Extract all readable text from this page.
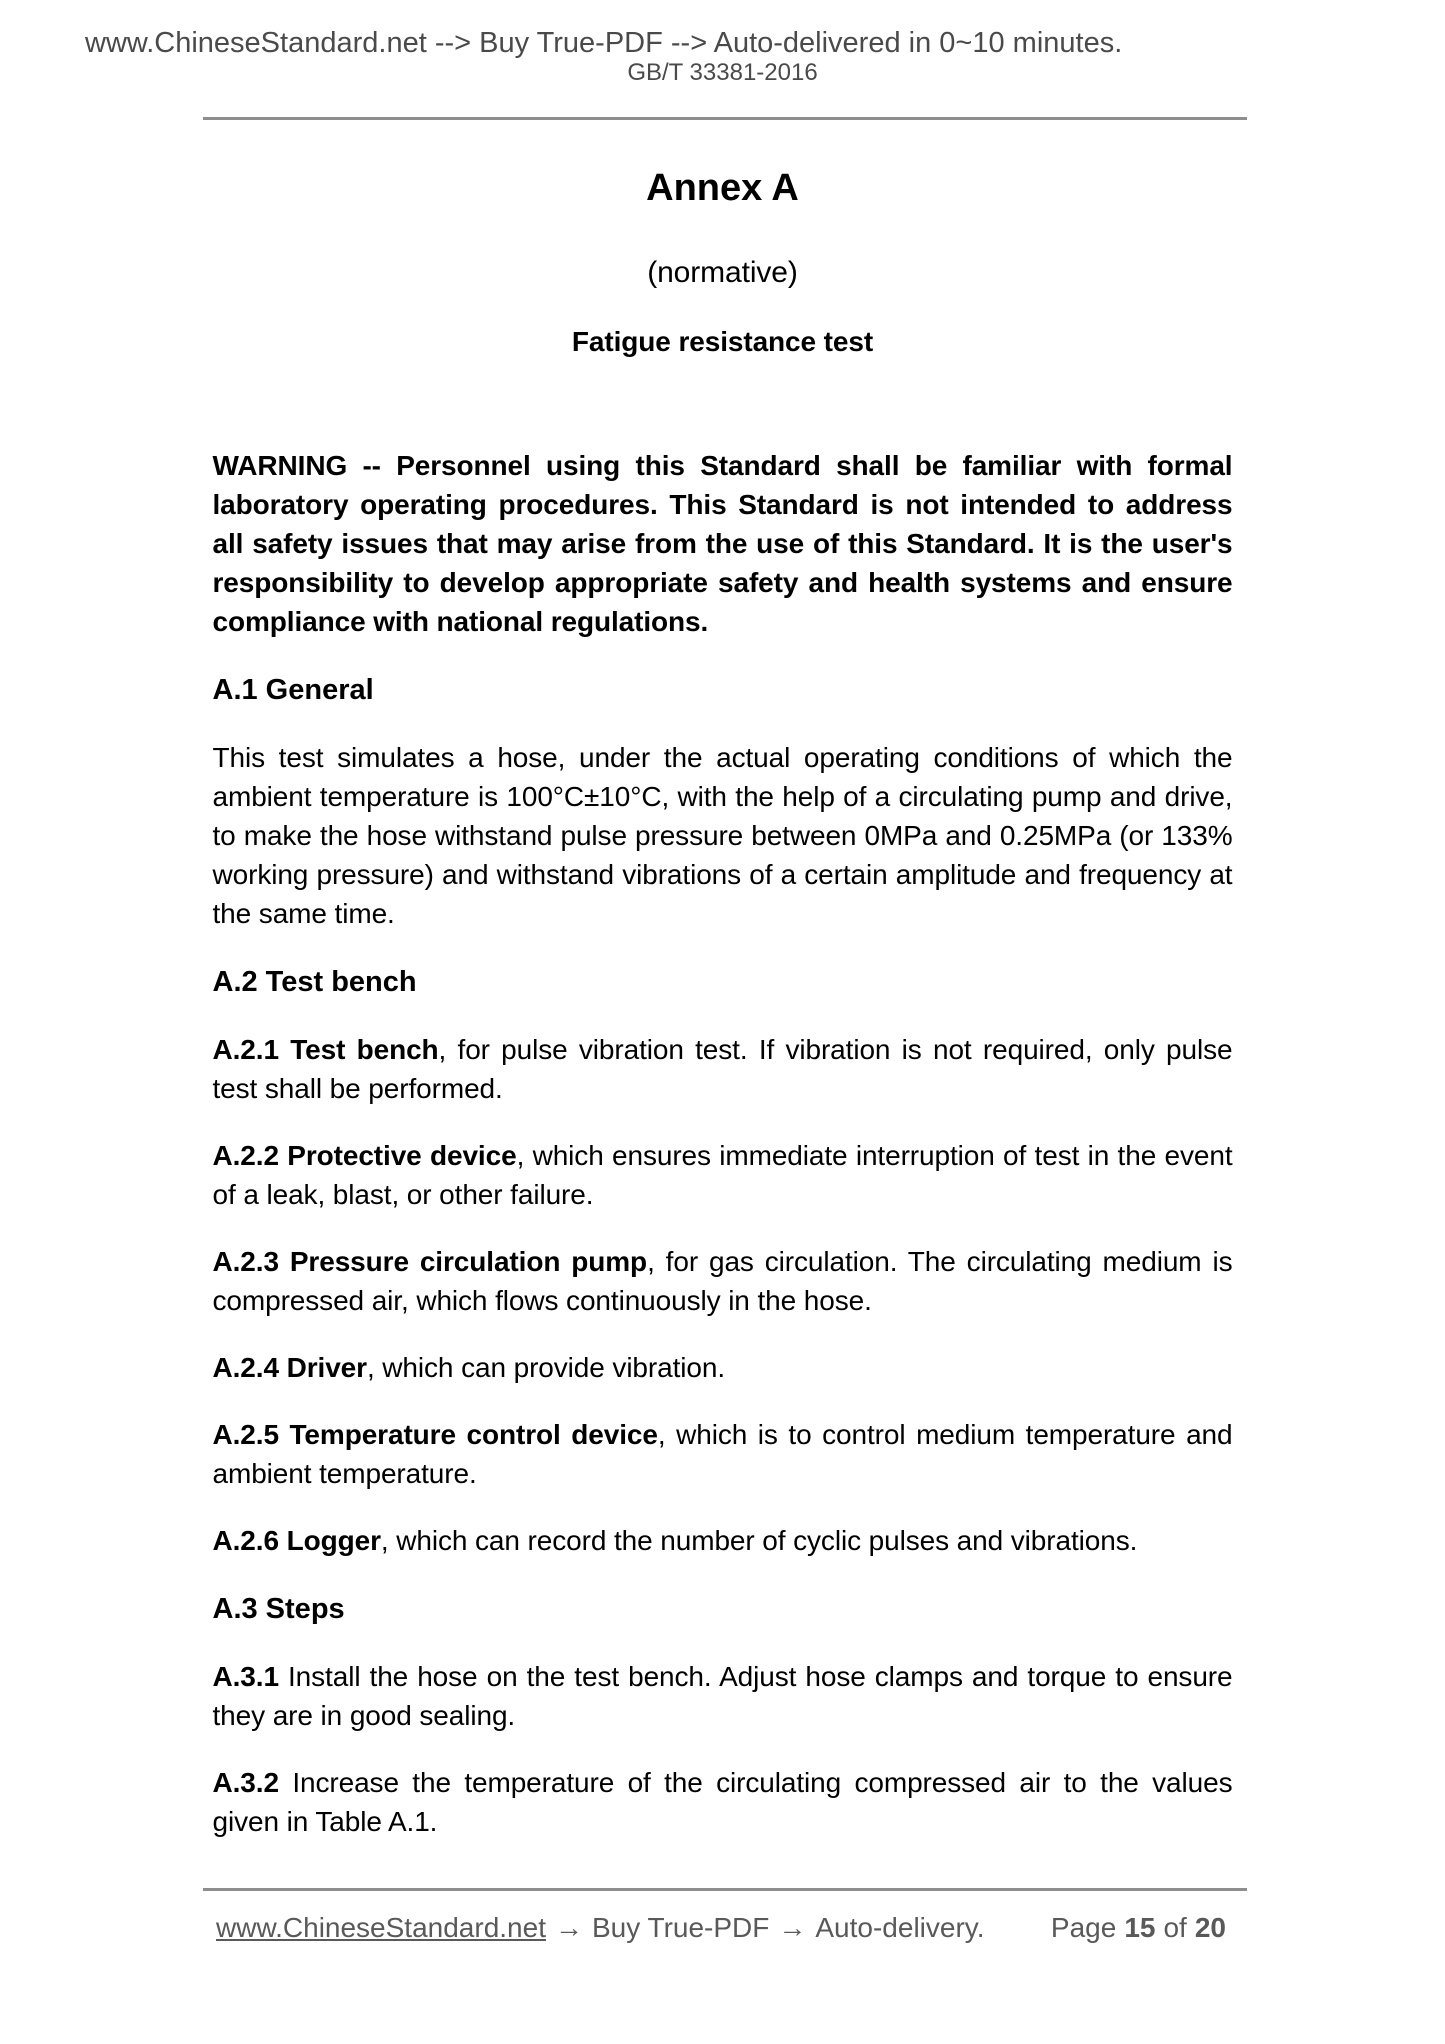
www.ChineseStandard.net --> Buy True-PDF --> Auto-delivered in 0~10 minutes.
GB/T 33381-2016
Annex A
(normative)
Fatigue resistance test

WARNING -- Personnel using this Standard shall be familiar with formal laboratory operating procedures. This Standard is not intended to address all safety issues that may arise from the use of this Standard. It is the user's responsibility to develop appropriate safety and health systems and ensure compliance with national regulations.

A.1 General

This test simulates a hose, under the actual operating conditions of which the ambient temperature is 100°C±10°C, with the help of a circulating pump and drive, to make the hose withstand pulse pressure between 0MPa and 0.25MPa (or 133% working pressure) and withstand vibrations of a certain amplitude and frequency at the same time.

A.2 Test bench

A.2.1 Test bench, for pulse vibration test. If vibration is not required, only pulse test shall be performed.

A.2.2 Protective device, which ensures immediate interruption of test in the event of a leak, blast, or other failure.

A.2.3 Pressure circulation pump, for gas circulation. The circulating medium is compressed air, which flows continuously in the hose.

A.2.4 Driver, which can provide vibration.

A.2.5 Temperature control device, which is to control medium temperature and ambient temperature.

A.2.6 Logger, which can record the number of cyclic pulses and vibrations.

A.3 Steps

A.3.1 Install the hose on the test bench. Adjust hose clamps and torque to ensure they are in good sealing.

A.3.2 Increase the temperature of the circulating compressed air to the values given in Table A.1.

www.ChineseStandard.net → Buy True-PDF → Auto-delivery. Page 15 of 20
